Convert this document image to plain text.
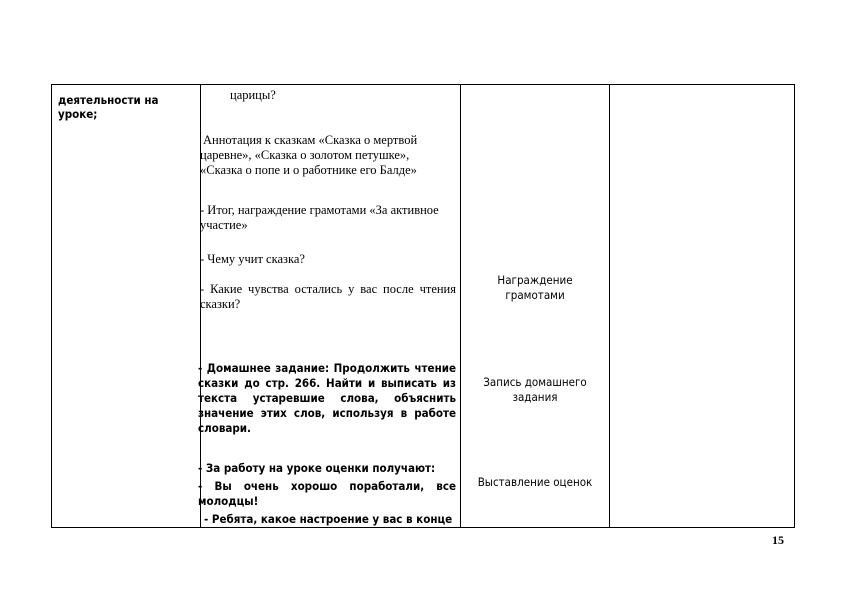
деятельности на уроке;
царицы?
Аннотация к сказкам «Сказка о мертвой царевне», «Сказка о золотом петушке», «Сказка о попе и о работнике его Балде»
- Итог, награждение грамотами «За активное участие»
- Чему учит сказка?
- Какие чувства остались у вас после чтения сказки?
- Домашнее задание: Продолжить чтение сказки до стр. 266. Найти и выписать из текста устаревшие слова, объяснить значение этих слов, используя в работе словари.
- За работу на уроке оценки получают:
- Вы очень хорошо поработали, все молодцы!
- Ребята, какое настроение у вас в конце
Награждение грамотами
Запись домашнего задания
Выставление оценок
15
